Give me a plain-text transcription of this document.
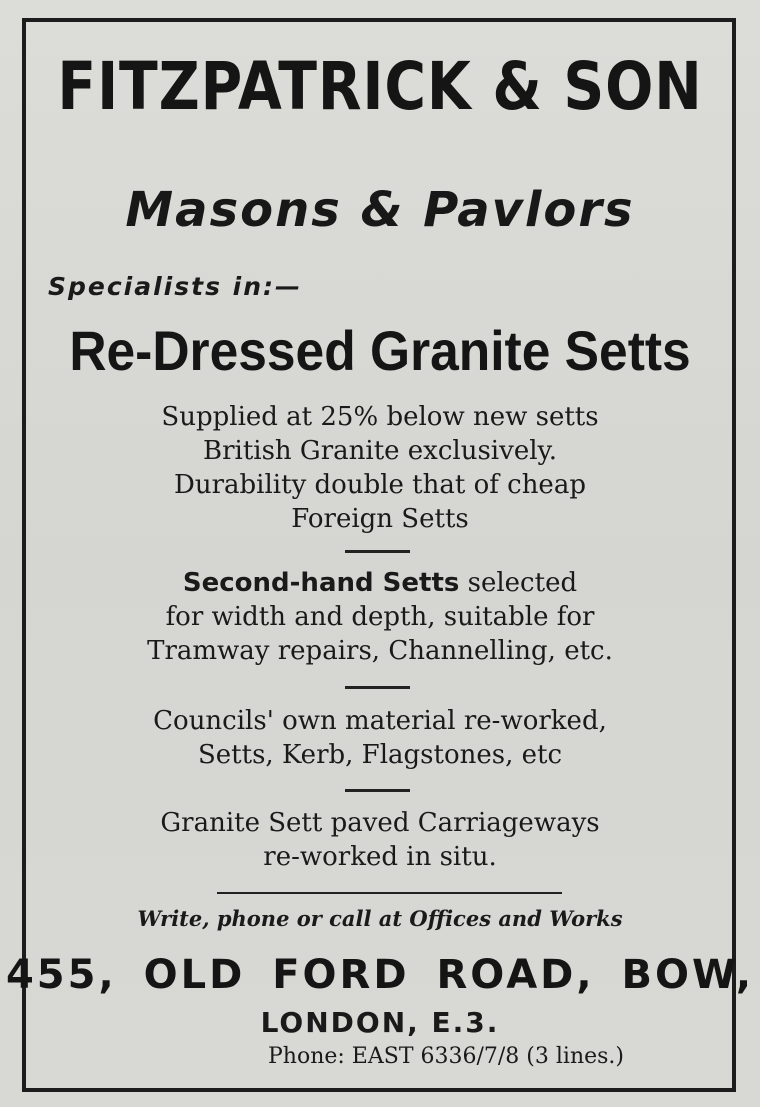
FITZPATRICK & SON
Masons & Pavlors
Specialists in:—
Re-Dressed Granite Setts
Supplied at 25% below new setts
British Granite exclusively.
Durability double that of cheap
Foreign Setts
Second-hand Setts selected
for width and depth, suitable for
Tramway repairs, Channelling, etc.
Councils' own material re-worked,
Setts, Kerb, Flagstones, etc
Granite Sett paved Carriageways
re-worked in situ.
Write, phone or call at Offices and Works
455, OLD FORD ROAD, BOW,
LONDON, E.3.
Phone: EAST 6336/7/8 (3 lines.)
